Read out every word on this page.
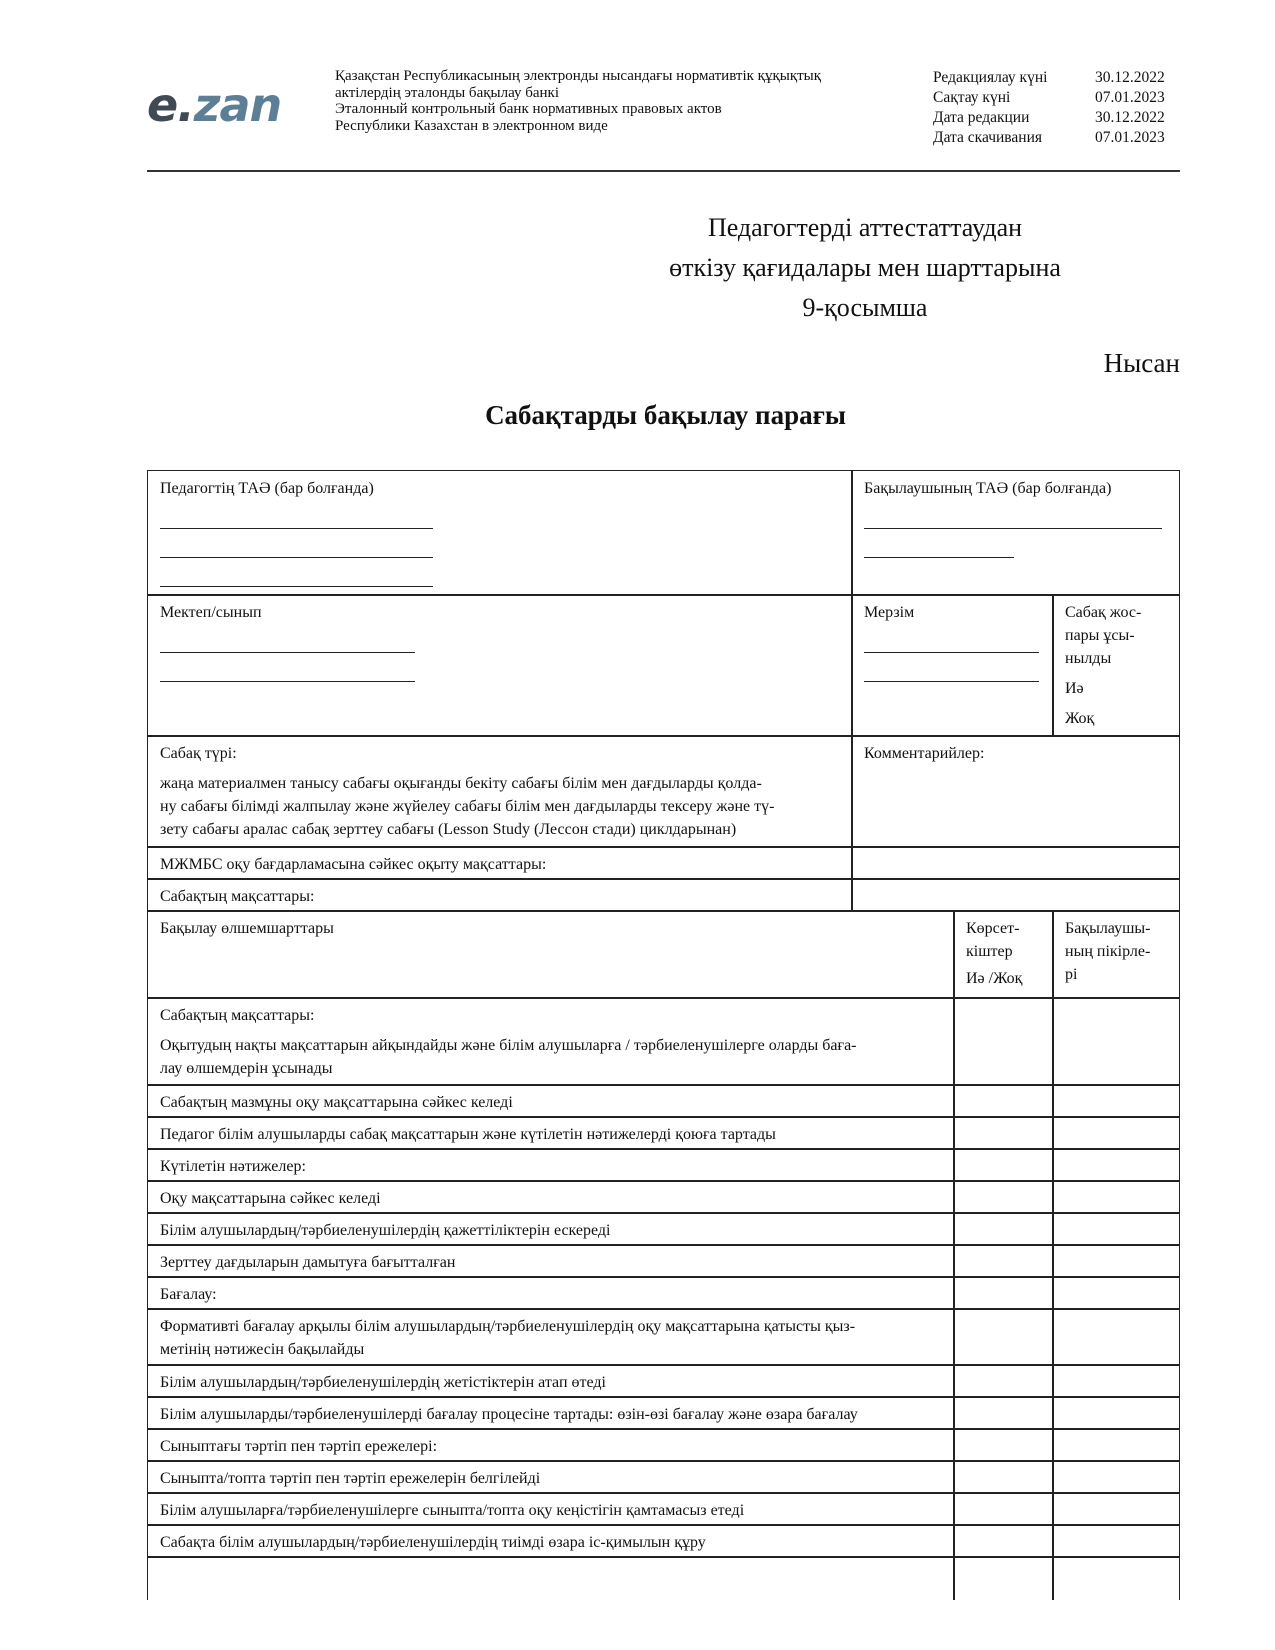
e.zan
Қазақстан Республикасының электронды нысандағы нормативтік құқықтық
актілердің эталонды бақылау банкі
Эталонный контрольный банк нормативных правовых актов
Республики Казахстан в электронном виде
Редакциялау күні	30.12.2022
Сақтау күні	07.01.2023
Дата редакции	30.12.2022
Дата скачивания	07.01.2023
Педагогтерді аттестаттаудан
өткізу қағидалары мен шарттарына
9-қосымша
Нысан
Сабақтарды бақылау парағы
Педагогтің ТАӘ (бар болғанда)	Бақылаушының ТАӘ (бар болғанда)
Мектеп/сынып	Мерзім	Сабақ жос-
пары ұсы-
нылды
Иә
Жоқ
Сабақ түрі:
жаңа материалмен танысу сабағы оқығанды бекіту сабағы білім мен дағдыларды қолда-
ну сабағы білімді жалпылау және жүйелеу сабағы білім мен дағдыларды тексеру және тү-
зету сабағы аралас сабақ зерттеу сабағы (Lesson Study (Лессон стади) циклдарынан)
Комментарийлер:
МЖМБС оқу бағдарламасына сәйкес оқыту мақсаттары:
Сабақтың мақсаттары:
Бақылау өлшемшарттары	Көрсет-
кіштер
Иә /Жоқ
Бақылаушы-
ның пікірле-
рі
Сабақтың мақсаттары:
Оқытудың нақты мақсаттарын айқындайды және білім алушыларға / тәрбиеленушілерге оларды баға-
лау өлшемдерін ұсынады
Сабақтың мазмұны оқу мақсаттарына сәйкес келеді
Педагог білім алушыларды сабақ мақсаттарын және күтілетін нәтижелерді қоюға тартады
Күтілетін нәтижелер:
Оқу мақсаттарына сәйкес келеді
Білім алушылардың/тәрбиеленушілердің қажеттіліктерін ескереді
Зерттеу дағдыларын дамытуға бағытталған
Бағалау:
Формативті бағалау арқылы білім алушылардың/тәрбиеленушілердің оқу мақсаттарына қатысты қыз-
метінің нәтижесін бақылайды
Білім алушылардың/тәрбиеленушілердің жетістіктерін атап өтеді
Білім алушыларды/тәрбиеленушілерді бағалау процесіне тартады: өзін-өзі бағалау және өзара бағалау
Сыныптағы тәртіп пен тәртіп ережелері:
Сыныпта/топта тәртіп пен тәртіп ережелерін белгілейді
Білім алушыларға/тәрбиеленушілерге сыныпта/топта оқу кеңістігін қамтамасыз етеді
Сабақта білім алушылардың/тәрбиеленушілердің тиімді өзара іс-қимылын құру
